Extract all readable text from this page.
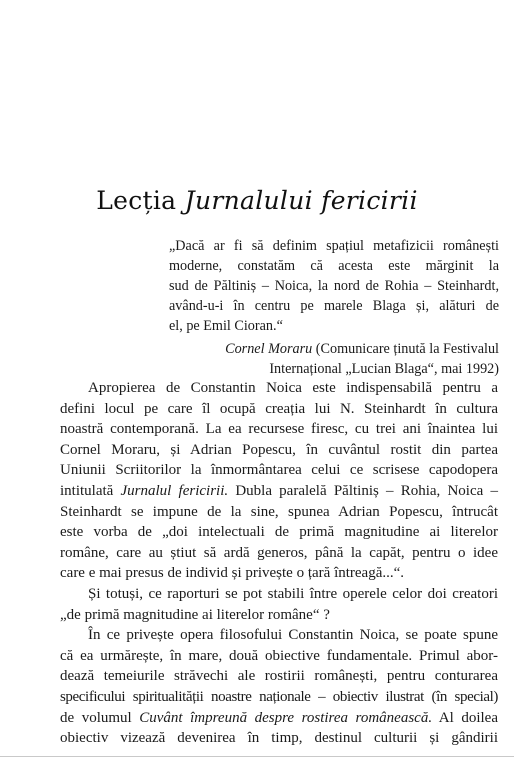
Lecția Jurnalului fericirii
„Dacă ar fi să definim spațiul metafizicii românești
moderne, constatăm că acesta este mărginit la
sud de Păltiniș – Noica, la nord de Rohia – Steinhardt,
având-u-i în centru pe marele Blaga și, alături de
el, pe Emil Cioran.“
Cornel Moraru (Comunicare ținută la Festivalul
Internațional „Lucian Blaga“, mai 1992)
Apropierea de Constantin Noica este indispensabilă pentru a
defini locul pe care îl ocupă creația lui N. Steinhardt în cultura
noastră contemporană. La ea recursese firesc, cu trei ani înaintea lui
Cornel Moraru, și Adrian Popescu, în cuvântul rostit din partea
Uniunii Scriitorilor la înmormântarea celui ce scrisese capodopera
intitulată Jurnalul fericirii. Dubla paralelă Păltiniș – Rohia, Noica –
Steinhardt se impune de la sine, spunea Adrian Popescu, întrucât
este vorba de „doi intelectuali de primă magnitudine ai literelor
române, care au știut să ardă generos, până la capăt, pentru o idee
care e mai presus de individ și privește o țară întreagă...“.
Și totuși, ce raporturi se pot stabili între operele celor doi creatori
„de primă magnitudine ai literelor române“ ?
În ce privește opera filosofului Constantin Noica, se poate spune
că ea urmărește, în mare, două obiective fundamentale. Primul abor-
dează temeiurile străvechi ale rostirii românești, pentru conturarea
specificului spiritualității noastre naționale – obiectiv ilustrat (în special)
de volumul Cuvânt împreună despre rostirea românească. Al doilea
obiectiv vizează devenirea în timp, destinul culturii și gândirii
